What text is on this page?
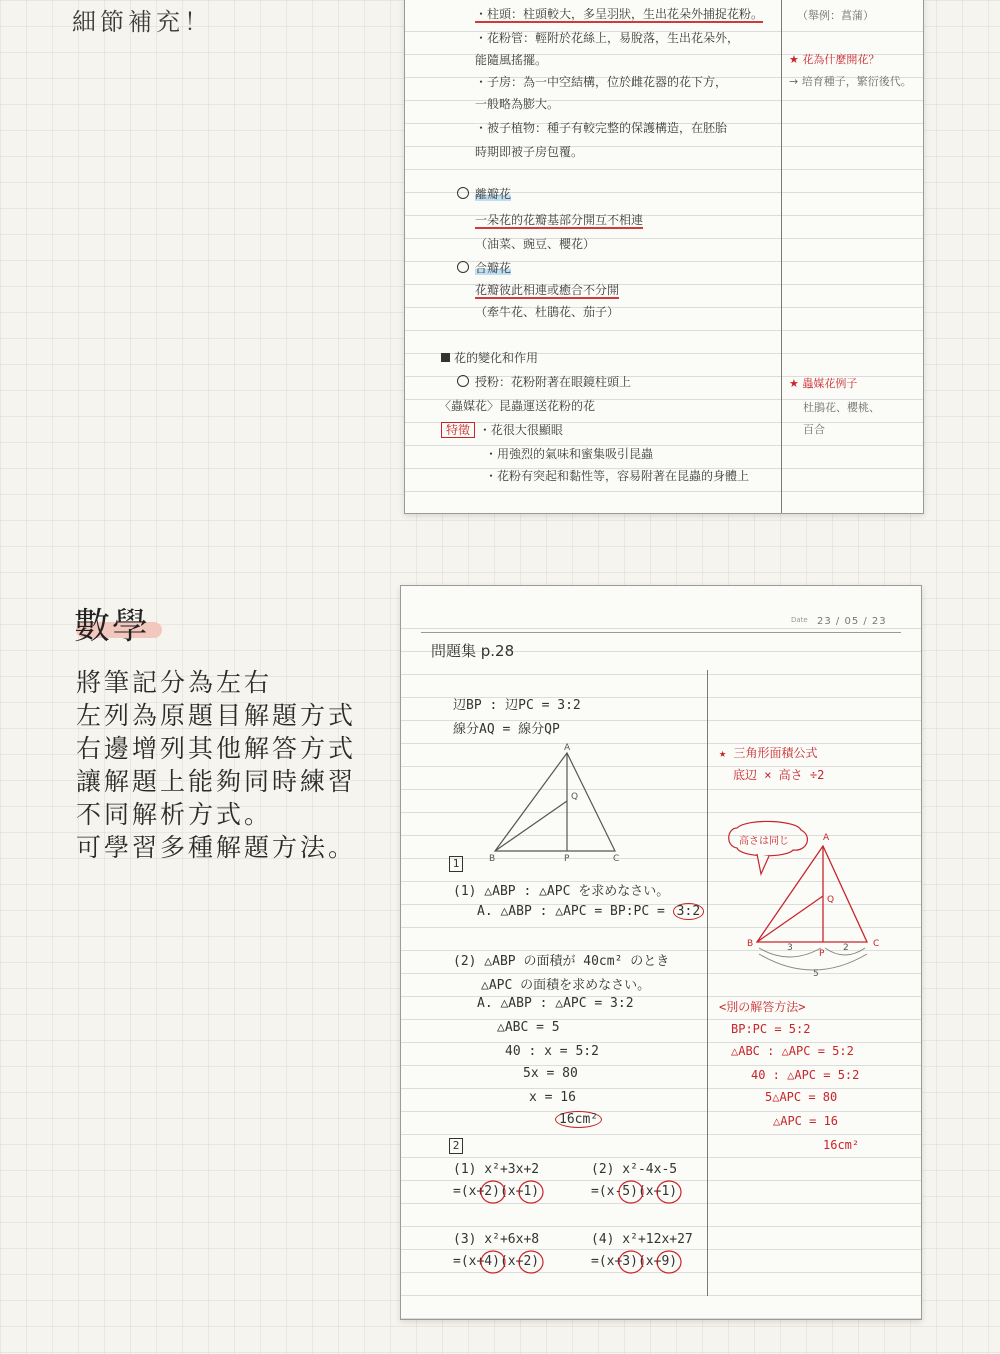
細節補充！	・柱頭：柱頭較大，多呈羽狀，生出花朵外捕捉花粉。
・花粉管：輕附於花絲上，易脫落，生出花朵外，
能隨風搖擺。
・子房：為一中空結構，位於雌花器的花下方，
一般略為膨大。
・被子植物：種子有較完整的保護構造，在胚胎
時期即被子房包覆。
離瓣花
一朵花的花瓣基部分開互不相連
（油菜、豌豆、櫻花）
合瓣花
花瓣彼此相連或癒合不分開
（牽牛花、杜鵑花、茄子）
花的變化和作用
授粉：花粉附著在眼鏡柱頭上
〈蟲媒花〉昆蟲運送花粉的花
特徵 ・花很大很顯眼
・用強烈的氣味和蜜集吸引昆蟲
・花粉有突起和黏性等，容易附著在昆蟲的身體上
（舉例：菖蒲）
★ 花為什麼開花？
→ 培育種子，繁衍後代。
★ 蟲媒花例子
杜鵑花、櫻桃、
百合
數學
將筆記分為左右
左列為原題目解題方式
右邊增列其他解答方式
讓解題上能夠同時練習
不同解析方式。
可學習多種解題方法。
Date 23 / 05 / 23
問題集 p.28
辺BP : 辺PC = 3:2
線分AQ = 線分QP
A
B	C
P
Q
1
(1) △ABP : △APC を求めなさい。
A. △ABP : △APC = BP:PC = 3:2
(2) △ABP の面積が 40cm² のとき
△APC の面積を求めなさい。
A. △ABP : △APC = 3:2
△ABC = 5
40 : x = 5:2
5x = 80
x = 16
16cm²
2
(1) x²+3x+2
=(x+2)(x+1)
(2) x²-4x-5
=(x-5)(x+1)
(3) x²+6x+8
=(x+4)(x+2)
(4) x²+12x+27
=(x+3)(x+9)
★ 三角形面積公式
底辺 × 高さ ÷2
高さは同じ	A
B	C
P
Q
3	2
5
<別の解答方法>
BP:PC = 5:2
△ABC : △APC = 5:2
40 : △APC = 5:2
5△APC = 80
△APC = 16
16cm²
